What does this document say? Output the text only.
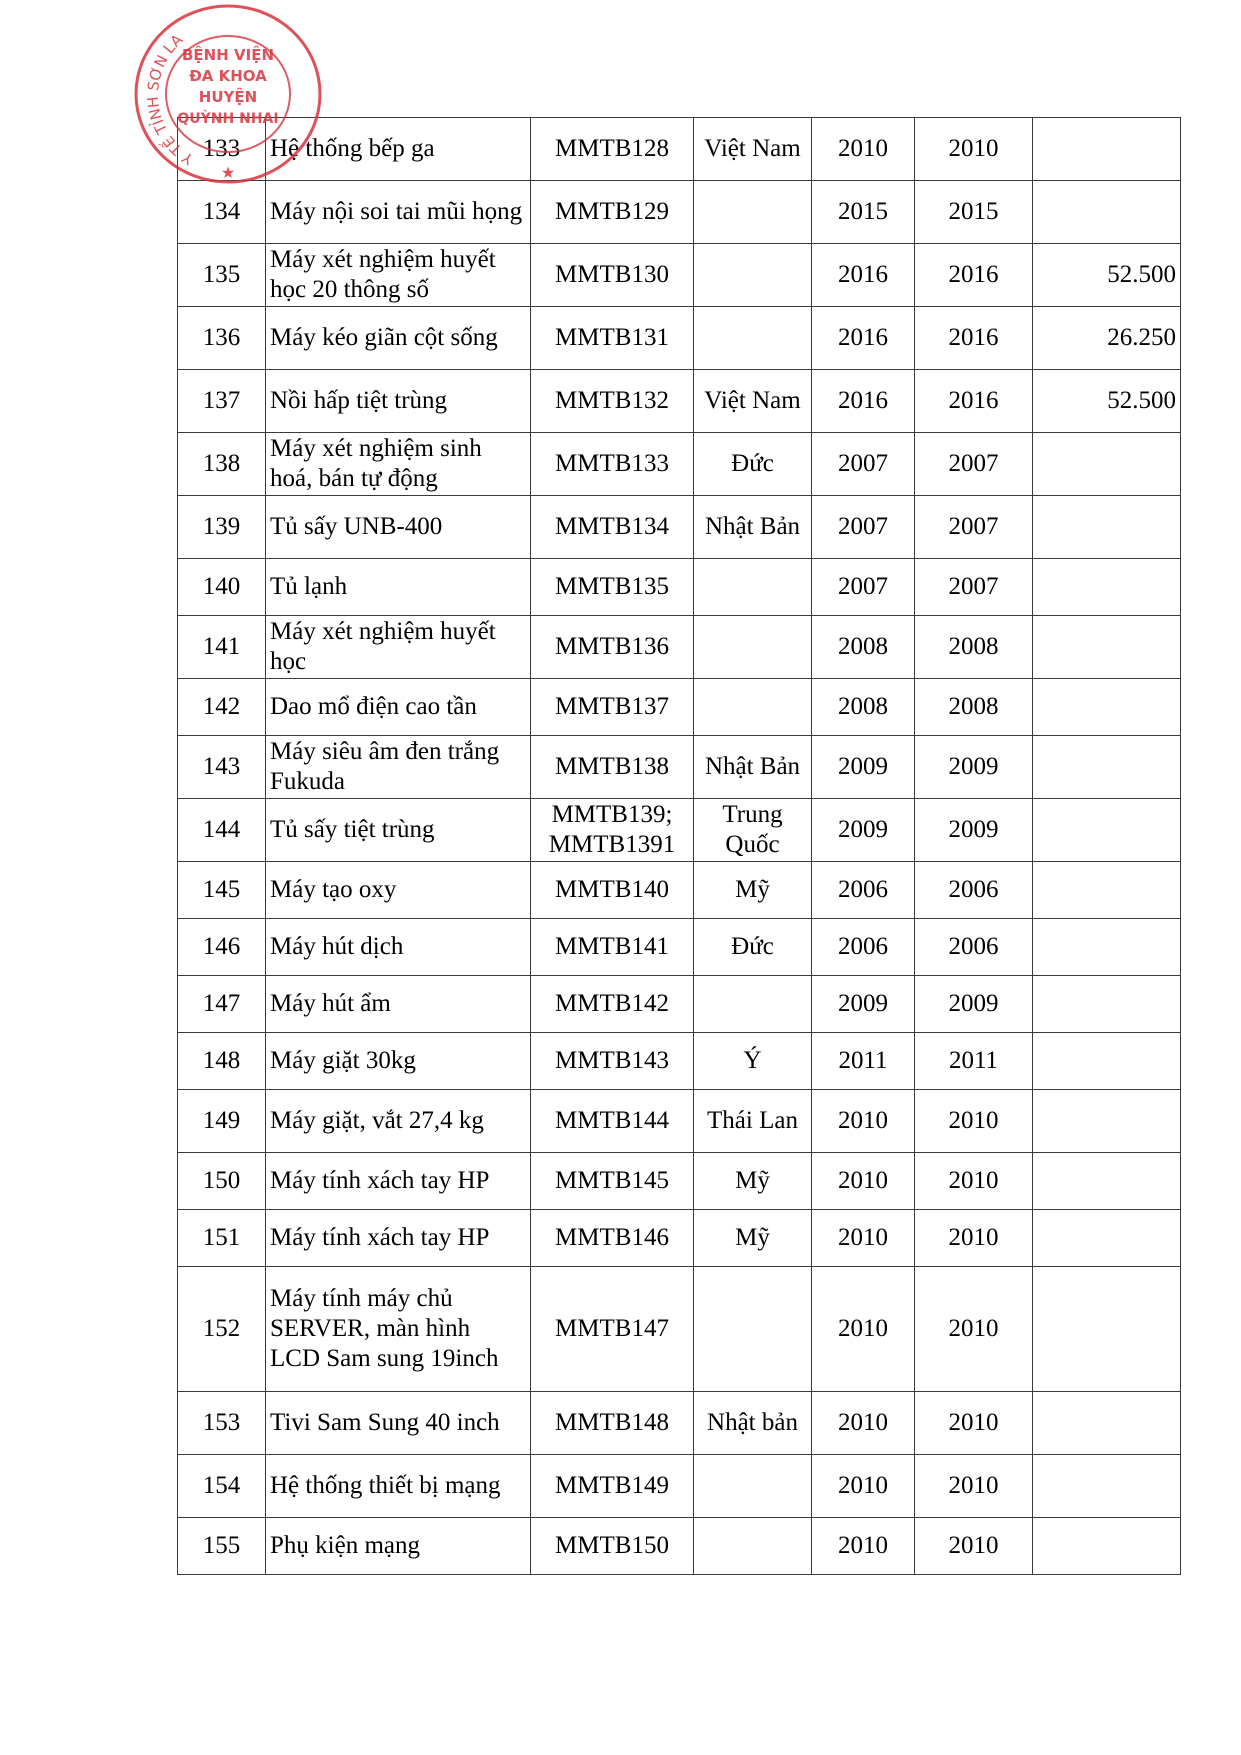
133	Hệ thống bếp ga	MMTB128	Việt Nam	2010	2010	
134	Máy nội soi tai mũi họng	MMTB129		2015	2015	
135	Máy xét nghiệm huyết học 20 thông số	MMTB130		2016	2016	52.500
136	Máy kéo giãn cột sống	MMTB131		2016	2016	26.250
137	Nồi hấp tiệt trùng	MMTB132	Việt Nam	2016	2016	52.500
138	Máy xét nghiệm sinh hoá, bán tự động	MMTB133	Đức	2007	2007	
139	Tủ sấy UNB-400	MMTB134	Nhật Bản	2007	2007	
140	Tủ lạnh	MMTB135		2007	2007	
141	Máy xét nghiệm huyết học	MMTB136		2008	2008	
142	Dao mổ điện cao tần	MMTB137		2008	2008	
143	Máy siêu âm đen trắng Fukuda	MMTB138	Nhật Bản	2009	2009	
144	Tủ sấy tiệt trùng	MMTB139; MMTB1391	Trung Quốc	2009	2009	
145	Máy tạo oxy	MMTB140	Mỹ	2006	2006	
146	Máy hút dịch	MMTB141	Đức	2006	2006	
147	Máy hút ẩm	MMTB142		2009	2009	
148	Máy giặt 30kg	MMTB143	Ý	2011	2011	
149	Máy giặt, vắt 27,4 kg	MMTB144	Thái Lan	2010	2010	
150	Máy tính xách tay HP	MMTB145	Mỹ	2010	2010	
151	Máy tính xách tay HP	MMTB146	Mỹ	2010	2010	
152	Máy tính máy chủ SERVER, màn hình LCD Sam sung 19inch	MMTB147		2010	2010	
153	Tivi Sam Sung 40 inch	MMTB148	Nhật bản	2010	2010	
154	Hệ thống thiết bị mạng	MMTB149		2010	2010	
155	Phụ kiện mạng	MMTB150		2010	2010	
Y TẾ TỈNH SƠN LA
BỆNH VIỆN
ĐA KHOA
HUYỆN
QUỲNH NHAI
★
